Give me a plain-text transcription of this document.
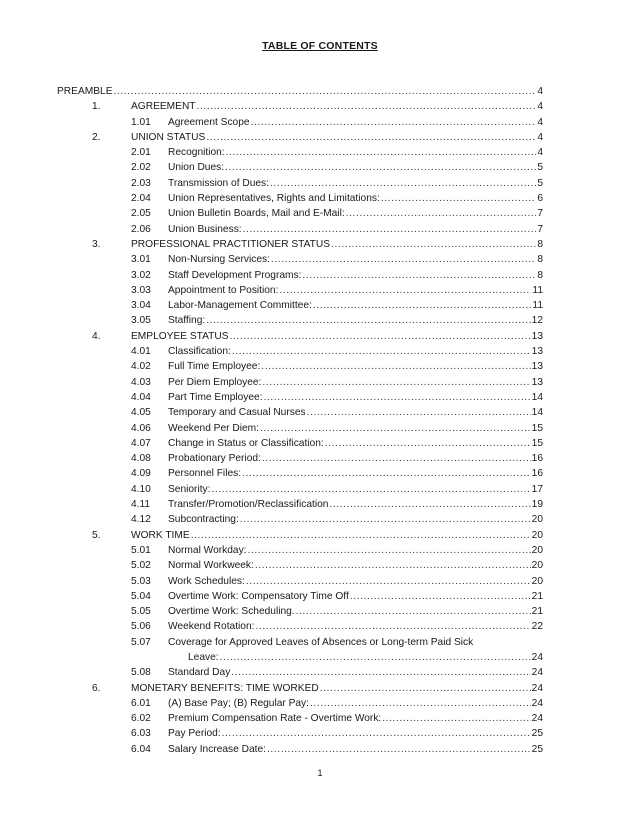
TABLE OF CONTENTS
PREAMBLE .....	4
1.	AGREEMENT .....	4
1.01 Agreement Scope .....	4
2.	UNION STATUS .....	4
2.01 Recognition: .....	4
2.02 Union Dues: .....	5
2.03 Transmission of Dues: .....	5
2.04 Union Representatives, Rights and Limitations: .....	6
2.05 Union Bulletin Boards, Mail and E-Mail: .....	7
2.06 Union Business: .....	7
3.	PROFESSIONAL PRACTITIONER STATUS .....	8
3.01 Non-Nursing Services: .....	8
3.02 Staff Development Programs: .....	8
3.03 Appointment to Position: .....	11
3.04 Labor-Management Committee: .....	11
3.05 Staffing: .....	12
4.	EMPLOYEE STATUS .....	13
4.01 Classification: .....	13
4.02 Full Time Employee: .....	13
4.03 Per Diem Employee: .....	13
4.04 Part Time Employee: .....	14
4.05 Temporary and Casual Nurses .....	14
4.06 Weekend Per Diem: .....	15
4.07 Change in Status or Classification: .....	15
4.08 Probationary Period: .....	16
4.09 Personnel Files: .....	16
4.10 Seniority: .....	17
4.11 Transfer/Promotion/Reclassification .....	19
4.12 Subcontracting: .....	20
5.	WORK TIME .....	20
5.01 Normal Workday: .....	20
5.02 Normal Workweek: .....	20
5.03 Work Schedules: .....	20
5.04 Overtime Work: Compensatory Time Off .....	21
5.05 Overtime Work: Scheduling. .....	21
5.06 Weekend Rotation: .....	22
5.07 Coverage for Approved Leaves of Absences or Long-term Paid Sick
Leave: .....	24
5.08 Standard Day .....	24
6.	MONETARY BENEFITS: TIME WORKED .....	24
6.01 (A) Base Pay; (B) Regular Pay: .....	24
6.02 Premium Compensation Rate - Overtime Work: .....	24
6.03 Pay Period: .....	25
6.04 Salary Increase Date: .....	25
1
